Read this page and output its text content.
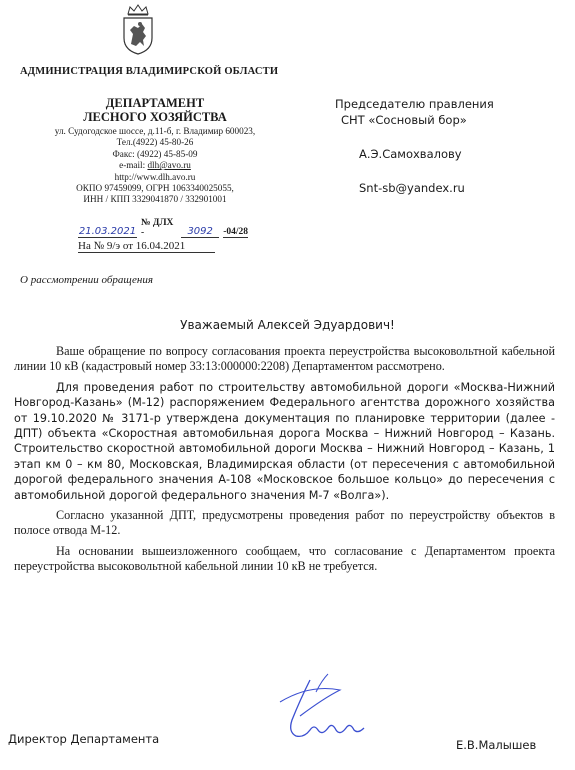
АДМИНИСТРАЦИЯ ВЛАДИМИРСКОЙ ОБЛАСТИ
ДЕПАРТАМЕНТ
ЛЕСНОГО ХОЗЯЙСТВА
ул. Судогодское шоссе, д.11-б, г. Владимир 600023,
Тел.(4922) 45-80-26
Факс: (4922) 45-85-09
e-mail: dlh@avo.ru
http://www.dlh.avo.ru
ОКПО 97459099, ОГРН 1063340025055,
ИНН / КПП 3329041870 / 332901001
21.03.2021
№ ДЛХ -	3092	-04/28
На № 9/э от 16.04.2021
О рассмотрении обращения
Председателю правления
СНТ «Сосновый бор»
А.Э.Самохвалову
Snt-sb@yandex.ru
Уважаемый Алексей Эдуардович!

Ваше обращение по вопросу согласования проекта переустройства высоковольтной кабельной линии 10 кВ (кадастровый номер 33:13:000000:2208) Департаментом рассмотрено.

Для проведения работ по строительству автомобильной дороги «Москва-Нижний Новгород-Казань» (М-12) распоряжением Федерального агентства дорожного хозяйства от 19.10.2020 № 3171-р утверждена документация по планировке территории (далее - ДПТ) объекта «Скоростная автомобильная дорога Москва – Нижний Новгород – Казань. Строительство скоростной автомобильной дороги Москва – Нижний Новгород – Казань, 1 этап км 0 – км 80, Московская, Владимирская области (от пересечения с автомобильной дорогой федерального значения А-108 «Московское большое кольцо» до пересечения с автомобильной дорогой федерального значения М-7 «Волга»).

Согласно указанной ДПТ, предусмотрены проведения работ по переустройству объектов в полосе отвода М-12.

На основании вышеизложенного сообщаем, что согласование с Департаментом проекта переустройства высоковольтной кабельной линии 10 кВ не требуется.

Директор Департамента	Е.В.Малышев
